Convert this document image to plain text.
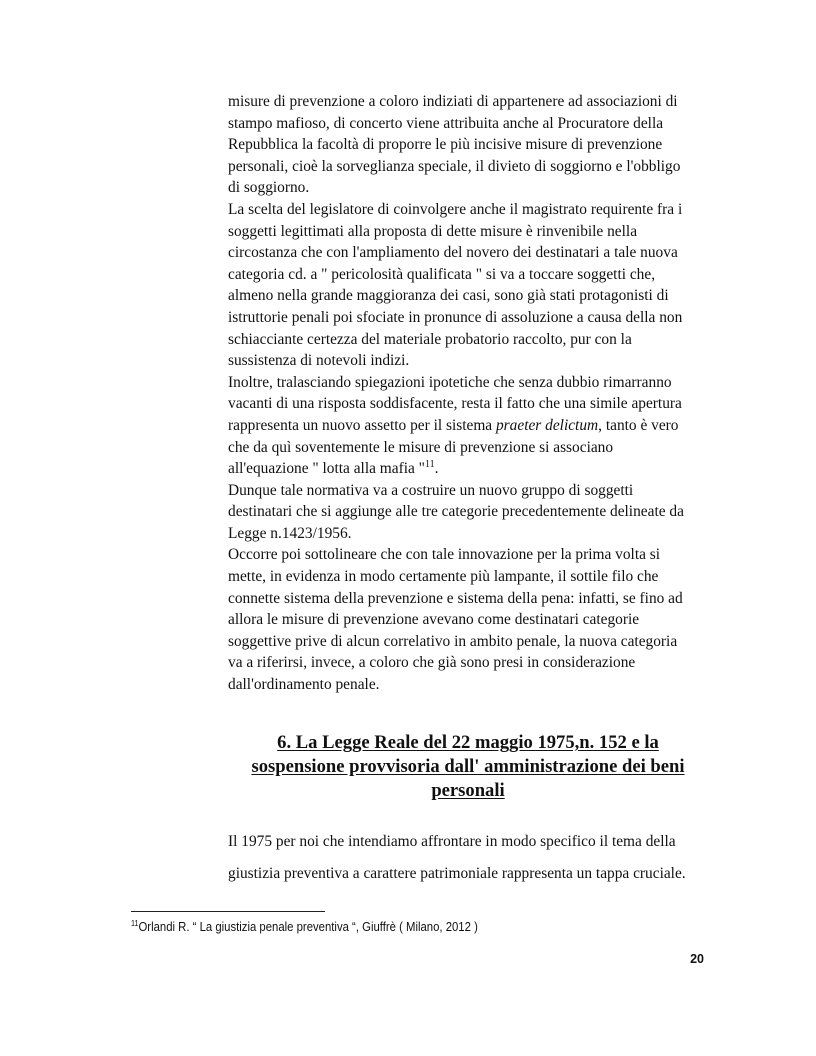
misure di prevenzione a coloro indiziati di appartenere ad associazioni di
stampo mafioso, di concerto viene attribuita anche al Procuratore della
Repubblica la facoltà di proporre le più incisive misure di prevenzione
personali, cioè la sorveglianza speciale, il divieto di soggiorno e l'obbligo
di soggiorno.
La scelta del legislatore di coinvolgere anche il magistrato requirente fra i
soggetti legittimati alla proposta di dette misure è rinvenibile nella
circostanza che con l'ampliamento del novero dei destinatari a tale nuova
categoria cd. a " pericolosità qualificata " si va a toccare soggetti che,
almeno nella grande maggioranza dei casi, sono già stati protagonisti di
istruttorie penali poi sfociate in pronunce di assoluzione a causa della non
schiacciante certezza del materiale probatorio raccolto, pur con la
sussistenza di notevoli indizi.
Inoltre, tralasciando spiegazioni ipotetiche che senza dubbio rimarranno
vacanti di una risposta soddisfacente, resta il fatto che una simile apertura
rappresenta un nuovo assetto per il sistema praeter delictum, tanto è vero
che da quì soventemente le misure di prevenzione si associano
all'equazione " lotta alla mafia "$^{11}$.
Dunque tale normativa va a costruire un nuovo gruppo di soggetti
destinatari che si aggiunge alle tre categorie precedentemente delineate da
Legge n.1423/1956.
Occorre poi sottolineare che con tale innovazione per la prima volta si
mette, in evidenza in modo certamente più lampante, il sottile filo che
connette sistema della prevenzione e sistema della pena: infatti, se fino ad
allora le misure di prevenzione avevano come destinatari categorie
soggettive prive di alcun correlativo in ambito penale, la nuova categoria
va a riferirsi, invece, a coloro che già sono presi in considerazione
dall'ordinamento penale.
6. La Legge Reale del 22 maggio 1975,n. 152 e la
sospensione provvisoria dall' amministrazione dei beni
personali
Il 1975 per noi che intendiamo affrontare in modo specifico il tema della
giustizia preventiva a carattere patrimoniale rappresenta un tappa cruciale.
$^{11}$Orlandi R. “ La giustizia penale preventiva “, Giuffrè ( Milano, 2012 )
20
